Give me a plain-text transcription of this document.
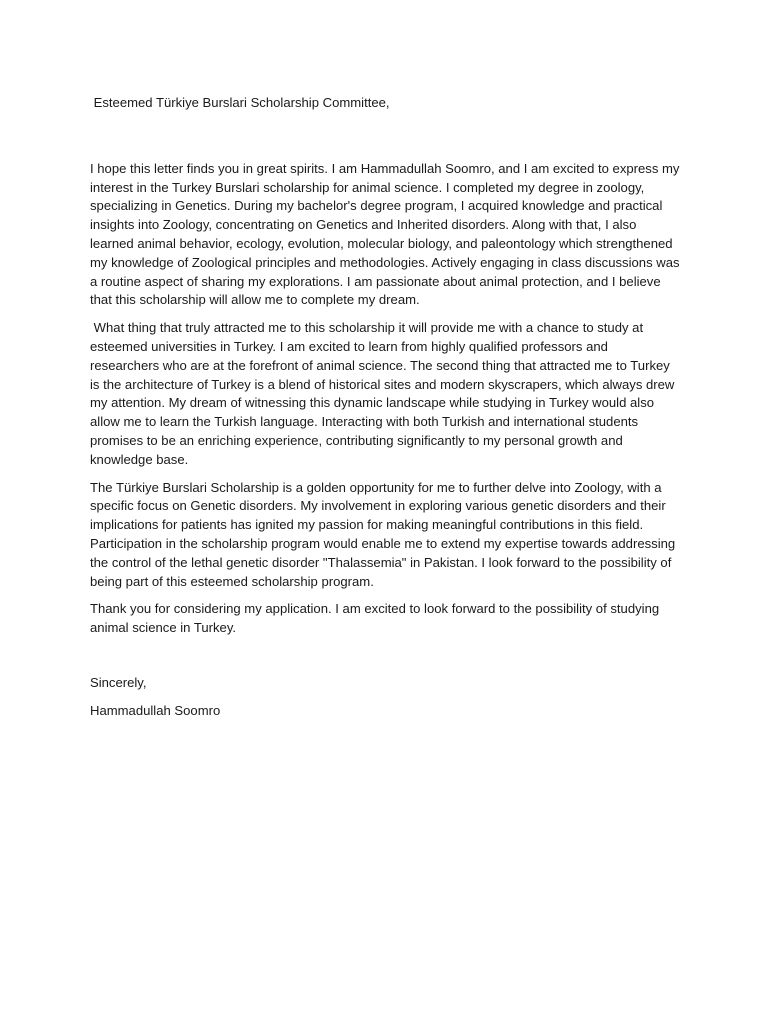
Esteemed Türkiye Burslari Scholarship Committee,

I hope this letter finds you in great spirits. I am Hammadullah Soomro, and I am excited to express my interest in the Turkey Burslari scholarship for animal science. I completed my degree in zoology, specializing in Genetics. During my bachelor's degree program, I acquired knowledge and practical insights into Zoology, concentrating on Genetics and Inherited disorders. Along with that, I also learned animal behavior, ecology, evolution, molecular biology, and paleontology which strengthened my knowledge of Zoological principles and methodologies. Actively engaging in class discussions was a routine aspect of sharing my explorations. I am passionate about animal protection, and I believe that this scholarship will allow me to complete my dream.

What thing that truly attracted me to this scholarship it will provide me with a chance to study at esteemed universities in Turkey. I am excited to learn from highly qualified professors and researchers who are at the forefront of animal science. The second thing that attracted me to Turkey is the architecture of Turkey is a blend of historical sites and modern skyscrapers, which always drew my attention. My dream of witnessing this dynamic landscape while studying in Turkey would also allow me to learn the Turkish language. Interacting with both Turkish and international students promises to be an enriching experience, contributing significantly to my personal growth and knowledge base.

The Türkiye Burslari Scholarship is a golden opportunity for me to further delve into Zoology, with a specific focus on Genetic disorders. My involvement in exploring various genetic disorders and their implications for patients has ignited my passion for making meaningful contributions in this field. Participation in the scholarship program would enable me to extend my expertise towards addressing the control of the lethal genetic disorder "Thalassemia" in Pakistan. I look forward to the possibility of being part of this esteemed scholarship program.

Thank you for considering my application. I am excited to look forward to the possibility of studying animal science in Turkey.

Sincerely,

Hammadullah Soomro
